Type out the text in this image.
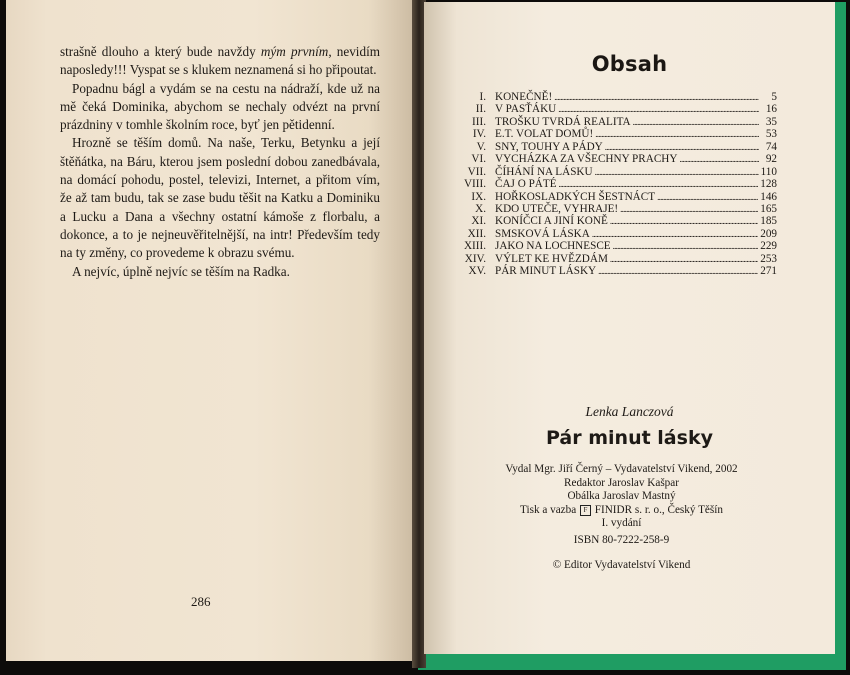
strašně dlouho a který bude navždy mým prvním, nevidím naposledy!!! Vyspat se s klukem neznamená si ho připoutat.

Popadnu bágl a vydám se na cestu na nádraží, kde už na mě čeká Dominika, abychom se nechaly odvézt na první prázdniny v tomhle školním roce, byť jen pětidenní.

Hrozně se těším domů. Na naše, Terku, Betynku a její štěňátka, na Báru, kterou jsem poslední dobou zanedbávala, na domácí pohodu, postel, televizi, Internet, a přitom vím, že až tam budu, tak se zase budu těšit na Katku a Dominiku a Lucku a Dana a všechny ostatní kámoše z florbalu, a dokonce, a to je nejneuvěřitelnější, na intr! Především tedy na ty změny, co provedeme k obrazu svému.

A nejvíc, úplně nejvíc se těším na Radka.

286
Obsah
I. KONEČNĚ! . . .	5
II. V PASŤÁKU . . .	16
III. TROŠKU TVRDÁ REALITA . . .	35
IV. E.T. VOLAT DOMŮ! . . .	53
V. SNY, TOUHY A PÁDY . . .	74
VI. VYCHÁZKA ZA VŠECHNY PRACHY . . .	92
VII. ČÍHÁNÍ NA LÁSKU . . .	110
VIII. ČAJ O PÁTÉ . . .	128
IX. HOŘKOSLADKÝCH ŠESTNÁCT . . .	146
X. KDO UTEČE, VYHRAJE! . . .	165
XI. KONÍČCI A JINÍ KONĚ . . .	185
XII. SMSKOVÁ LÁSKA . . .	209
XIII. JAKO NA LOCHNESCE . . .	229
XIV. VÝLET KE HVĚZDÁM . . .	253
XV. PÁR MINUT LÁSKY . . .	271
Lenka Lanczová
Pár minut lásky
Vydal Mgr. Jiří Černý – Vydavatelství Vikend, 2002
Redaktor Jaroslav Kašpar
Obálka Jaroslav Mastný
Tisk a vazba F FINIDR s. r. o., Český Těšín
I. vydání
ISBN 80-7222-258-9
© Editor Vydavatelství Vikend
